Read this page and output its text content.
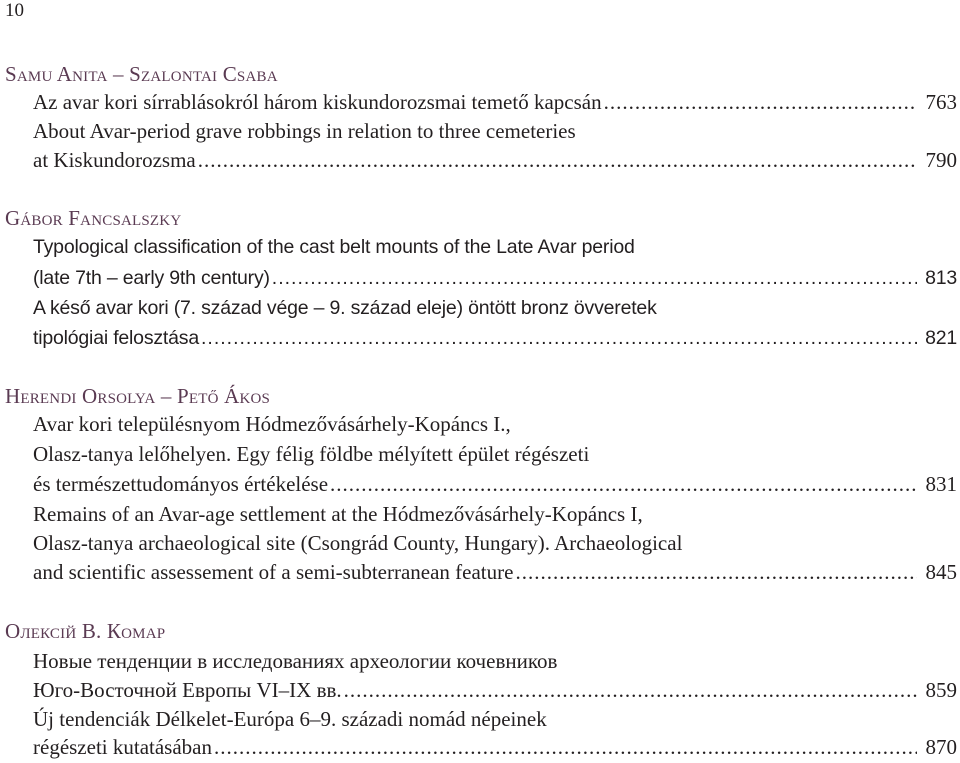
10
Samu Anita – Szalontai Csaba
Az avar kori sírrablásokról három kiskundorozsmai temető kapcsán .....	763
About Avar-period grave robbings in relation to three cemeteries
at Kiskundorozsma .....	790
Gábor Fancsalszky
Typological classification of the cast belt mounts of the Late Avar period
(late 7th – early 9th century) .....	813
A késő avar kori (7. század vége – 9. század eleje) öntött bronz övveretek
tipológiai felosztása .....	821
Herendi Orsolya – Pető Ákos
Avar kori településnyom Hódmezővásárhely-Kopáncs I.,
Olasz-tanya lelőhelyen. Egy félig földbe mélyített épület régészeti
és természettudományos értékelése .....	831
Remains of an Avar-age settlement at the Hódmezővásárhely-Kopáncs I,
Olasz-tanya archaeological site (Csongrád County, Hungary). Archaeological
and scientific assessement of a semi-subterranean feature .....	845
Олексій В. Комар
Новые тенденции в исследованиях археологии кочевников
Юго-Восточной Европы VI–IX вв. .....	859
Új tendenciák Délkelet-Európa 6–9. századi nomád népeinek
régészeti kutatásában .....	870
